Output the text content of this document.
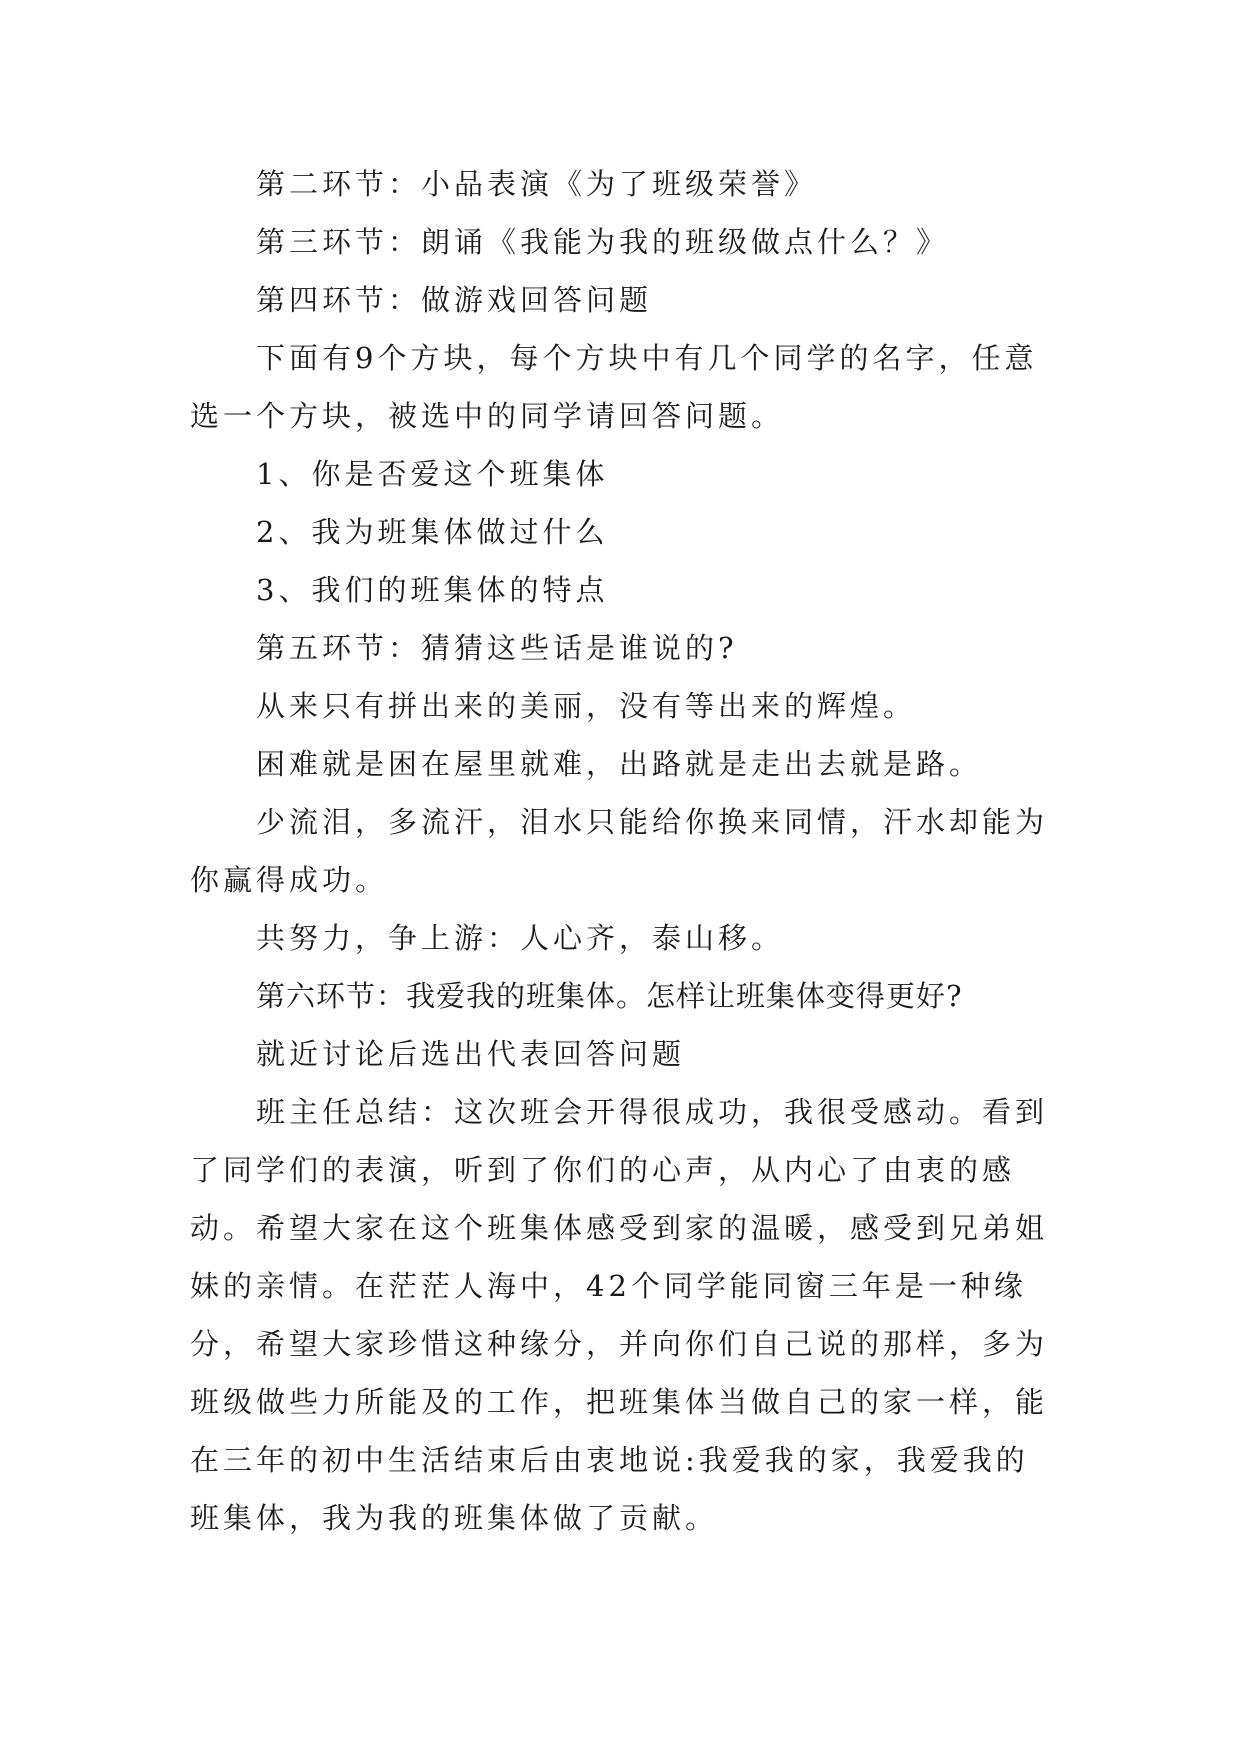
第二环节：小品表演《为了班级荣誉》

第三环节：朗诵《我能为我的班级做点什么？》

第四环节：做游戏回答问题

下面有9个方块，每个方块中有几个同学的名字，任意选一个方块，被选中的同学请回答问题。

1、你是否爱这个班集体

2、我为班集体做过什么

3、我们的班集体的特点

第五环节：猜猜这些话是谁说的?

从来只有拼出来的美丽，没有等出来的辉煌。

困难就是困在屋里就难，出路就是走出去就是路。

少流泪，多流汗，泪水只能给你换来同情，汗水却能为你赢得成功。

共努力，争上游：人心齐，泰山移。

第六环节：我爱我的班集体。怎样让班集体变得更好?

就近讨论后选出代表回答问题

班主任总结：这次班会开得很成功，我很受感动。看到了同学们的表演，听到了你们的心声，从内心了由衷的感动。希望大家在这个班集体感受到家的温暖，感受到兄弟姐妹的亲情。在茫茫人海中，42个同学能同窗三年是一种缘分，希望大家珍惜这种缘分，并向你们自己说的那样，多为班级做些力所能及的工作，把班集体当做自己的家一样，能在三年的初中生活结束后由衷地说:我爱我的家，我爱我的班集体，我为我的班集体做了贡献。
